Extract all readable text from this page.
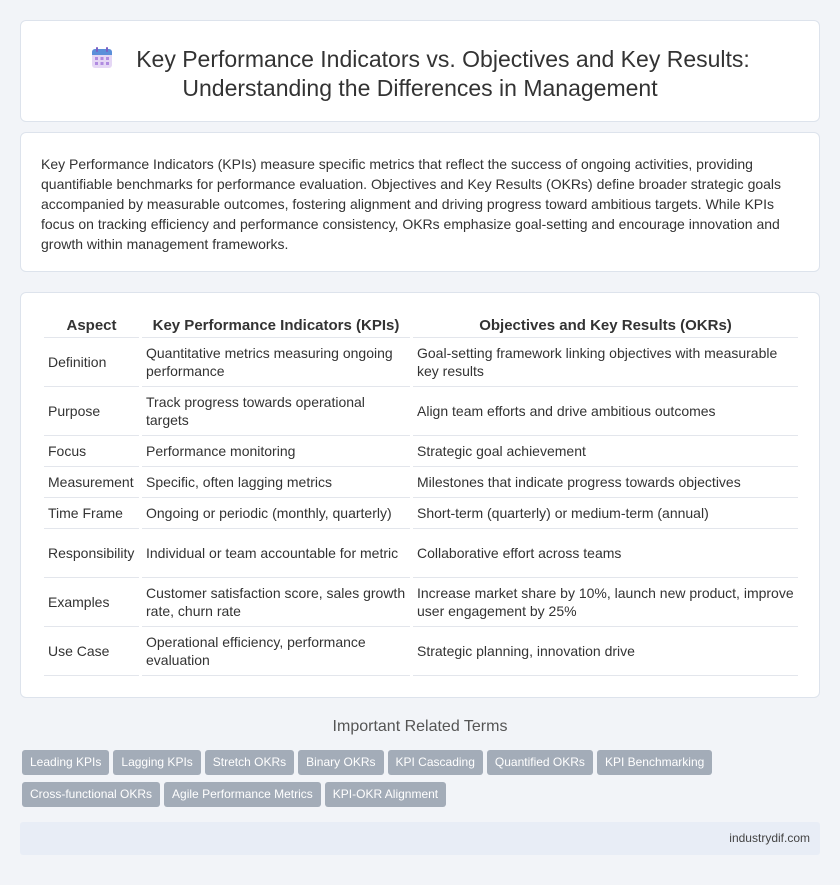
Key Performance Indicators vs. Objectives and Key Results:
Understanding the Differences in Management

Key Performance Indicators (KPIs) measure specific metrics that reflect the success of ongoing activities, providing quantifiable benchmarks for performance evaluation. Objectives and Key Results (OKRs) define broader strategic goals accompanied by measurable outcomes, fostering alignment and driving progress toward ambitious targets. While KPIs focus on tracking efficiency and performance consistency, OKRs emphasize goal-setting and encourage innovation and growth within management frameworks.

Aspect	Key Performance Indicators (KPIs)	Objectives and Key Results (OKRs)
Definition	Quantitative metrics measuring ongoing performance	Goal-setting framework linking objectives with measurable key results
Purpose	Track progress towards operational targets	Align team efforts and drive ambitious outcomes
Focus	Performance monitoring	Strategic goal achievement
Measurement	Specific, often lagging metrics	Milestones that indicate progress towards objectives
Time Frame	Ongoing or periodic (monthly, quarterly)	Short-term (quarterly) or medium-term (annual)
Responsibility	Individual or team accountable for metric	Collaborative effort across teams
Examples	Customer satisfaction score, sales growth rate, churn rate	Increase market share by 10%, launch new product, improve user engagement by 25%
Use Case	Operational efficiency, performance evaluation	Strategic planning, innovation drive
Important Related Terms
Leading KPIs Lagging KPIs Stretch OKRs Binary OKRs KPI Cascading Quantified OKRs KPI Benchmarking
Cross-functional OKRs Agile Performance Metrics KPI-OKR Alignment
industrydif.com
